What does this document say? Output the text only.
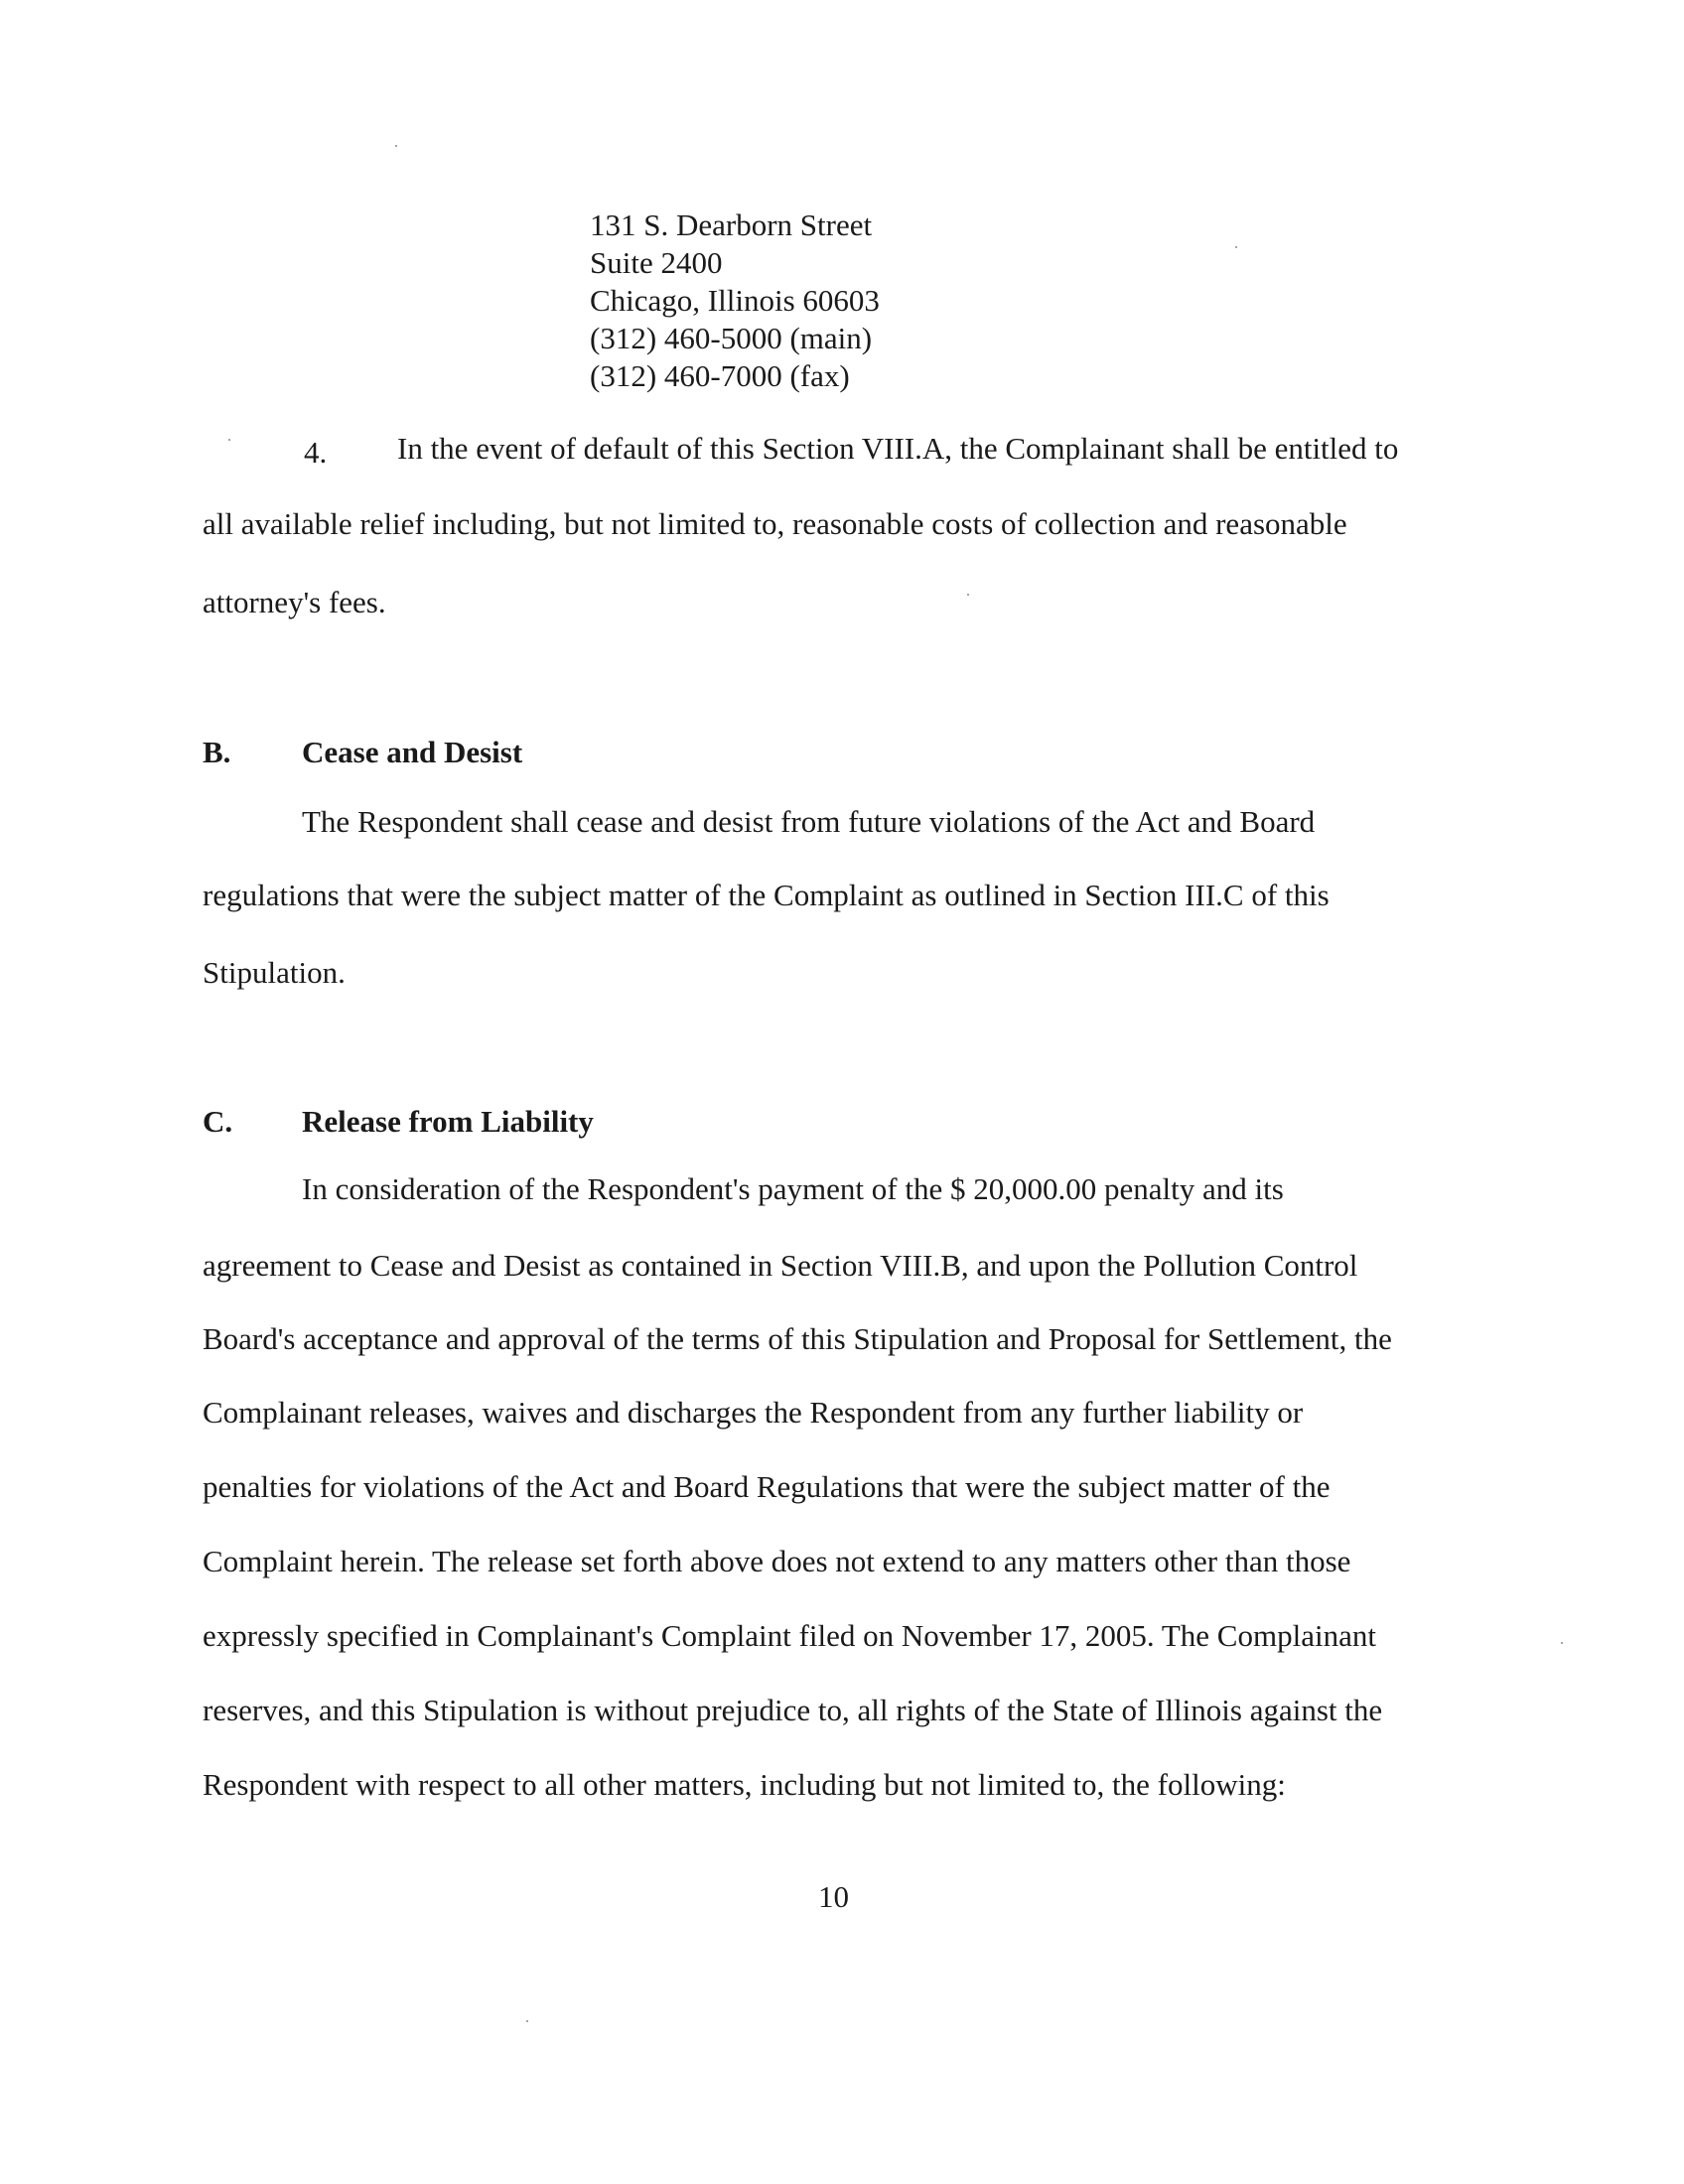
131 S. Dearborn Street
Suite 2400
Chicago, Illinois 60603
(312) 460-5000 (main)
(312) 460-7000 (fax)
4. In the event of default of this Section VIII.A, the Complainant shall be entitled to
all available relief including, but not limited to, reasonable costs of collection and reasonable
attorney's fees.
B. Cease and Desist
The Respondent shall cease and desist from future violations of the Act and Board
regulations that were the subject matter of the Complaint as outlined in Section III.C of this
Stipulation.
C. Release from Liability
In consideration of the Respondent's payment of the $ 20,000.00 penalty and its
agreement to Cease and Desist as contained in Section VIII.B, and upon the Pollution Control
Board's acceptance and approval of the terms of this Stipulation and Proposal for Settlement, the
Complainant releases, waives and discharges the Respondent from any further liability or
penalties for violations of the Act and Board Regulations that were the subject matter of the
Complaint herein. The release set forth above does not extend to any matters other than those
expressly specified in Complainant's Complaint filed on November 17, 2005. The Complainant
reserves, and this Stipulation is without prejudice to, all rights of the State of Illinois against the
Respondent with respect to all other matters, including but not limited to, the following:
10
